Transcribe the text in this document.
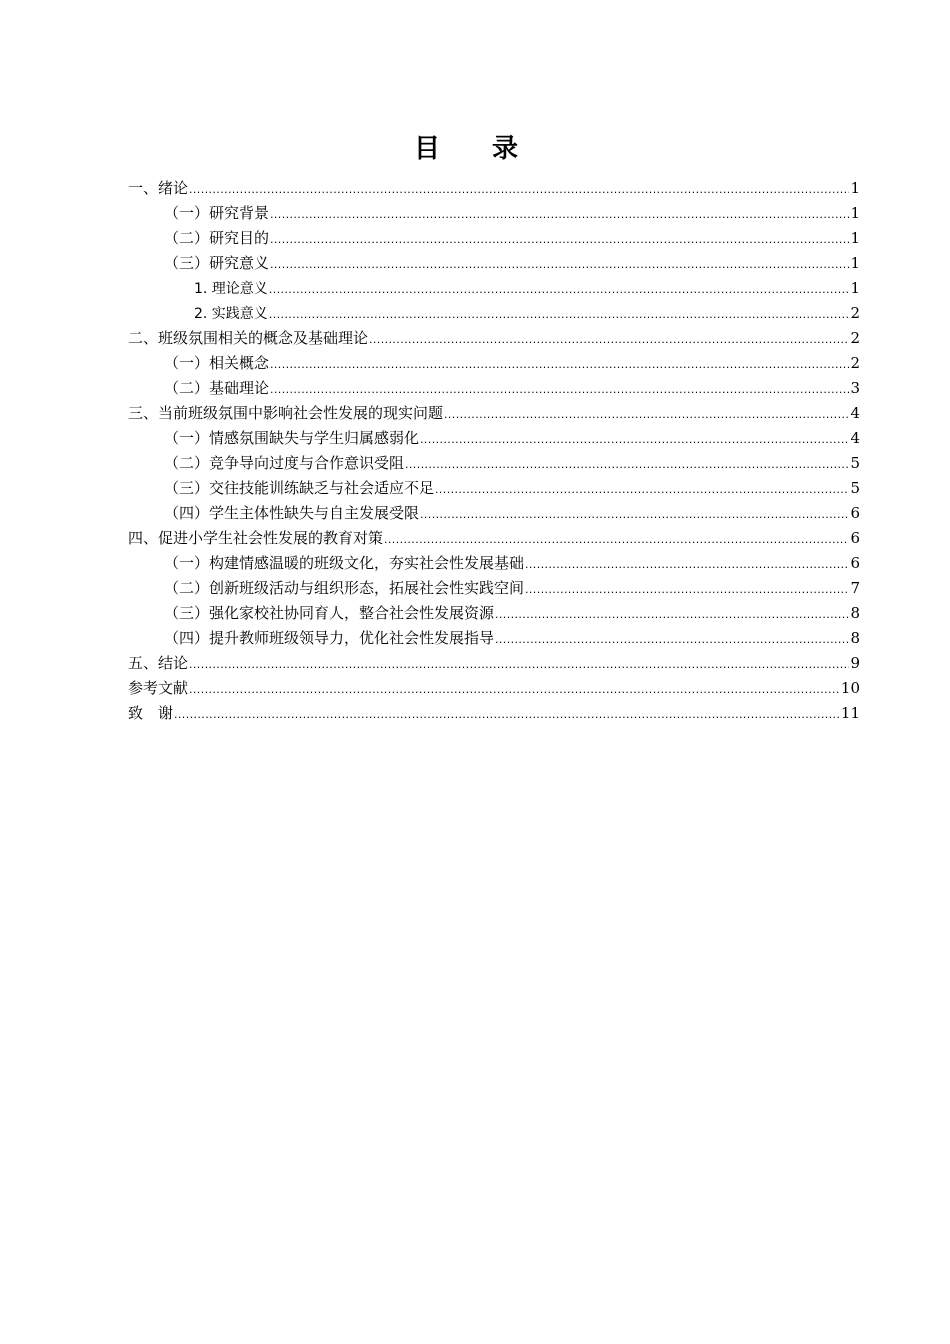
目录
一、绪论 .....	1
（一）研究背景 .....	1
（二）研究目的 .....	1
（三）研究意义 .....	1
1. 理论意义 .....	1
2. 实践意义 .....	2
二、班级氛围相关的概念及基础理论 .....	2
（一）相关概念 .....	2
（二）基础理论 .....	3
三、当前班级氛围中影响社会性发展的现实问题 .....	4
（一）情感氛围缺失与学生归属感弱化 .....	4
（二）竞争导向过度与合作意识受阻 .....	5
（三）交往技能训练缺乏与社会适应不足 .....	5
（四）学生主体性缺失与自主发展受限 .....	6
四、促进小学生社会性发展的教育对策 .....	6
（一）构建情感温暖的班级文化，夯实社会性发展基础 .....	6
（二）创新班级活动与组织形态，拓展社会性实践空间 .....	7
（三）强化家校社协同育人，整合社会性发展资源 .....	8
（四）提升教师班级领导力，优化社会性发展指导 .....	8
五、结论 .....	9
参考文献 .....	10
致　谢 .....	11
